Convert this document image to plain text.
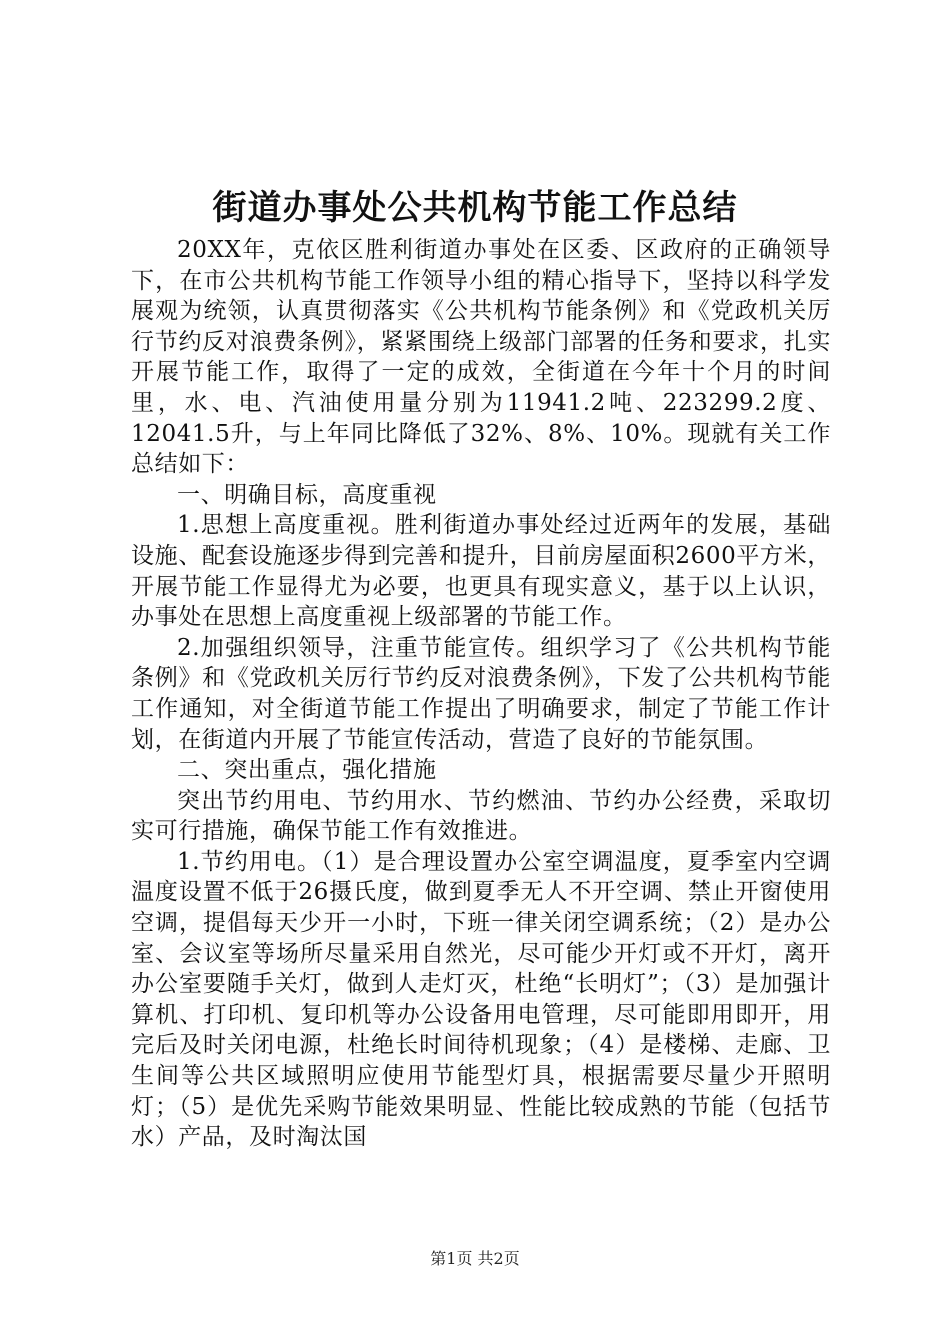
街道办事处公共机构节能工作总结

20XX年，克依区胜利街道办事处在区委、区政府的正确领导下，在市公共机构节能工作领导小组的精心指导下，坚持以科学发展观为统领，认真贯彻落实《公共机构节能条例》和《党政机关厉行节约反对浪费条例》，紧紧围绕上级部门部署的任务和要求，扎实开展节能工作，取得了一定的成效，全街道在今年十个月的时间里，水、电、汽油使用量分别为11941.2吨、223299.2度、12041.5升，与上年同比降低了32%、8%、10%。现就有关工作总结如下：

一、明确目标，高度重视

1.思想上高度重视。胜利街道办事处经过近两年的发展，基础设施、配套设施逐步得到完善和提升，目前房屋面积2600平方米，开展节能工作显得尤为必要，也更具有现实意义，基于以上认识，办事处在思想上高度重视上级部署的节能工作。

2.加强组织领导，注重节能宣传。组织学习了《公共机构节能条例》和《党政机关厉行节约反对浪费条例》，下发了公共机构节能工作通知，对全街道节能工作提出了明确要求，制定了节能工作计划，在街道内开展了节能宣传活动，营造了良好的节能氛围。

二、突出重点，强化措施

突出节约用电、节约用水、节约燃油、节约办公经费，采取切实可行措施，确保节能工作有效推进。

1.节约用电。（1）是合理设置办公室空调温度，夏季室内空调温度设置不低于26摄氏度，做到夏季无人不开空调、禁止开窗使用空调，提倡每天少开一小时，下班一律关闭空调系统；（2）是办公室、会议室等场所尽量采用自然光，尽可能少开灯或不开灯，离开办公室要随手关灯，做到人走灯灭，杜绝“长明灯”；（3）是加强计算机、打印机、复印机等办公设备用电管理，尽可能即用即开，用完后及时关闭电源，杜绝长时间待机现象；（4）是楼梯、走廊、卫生间等公共区域照明应使用节能型灯具，根据需要尽量少开照明灯；（5）是优先采购节能效果明显、性能比较成熟的节能（包括节水）产品，及时淘汰国

第1页 共2页
